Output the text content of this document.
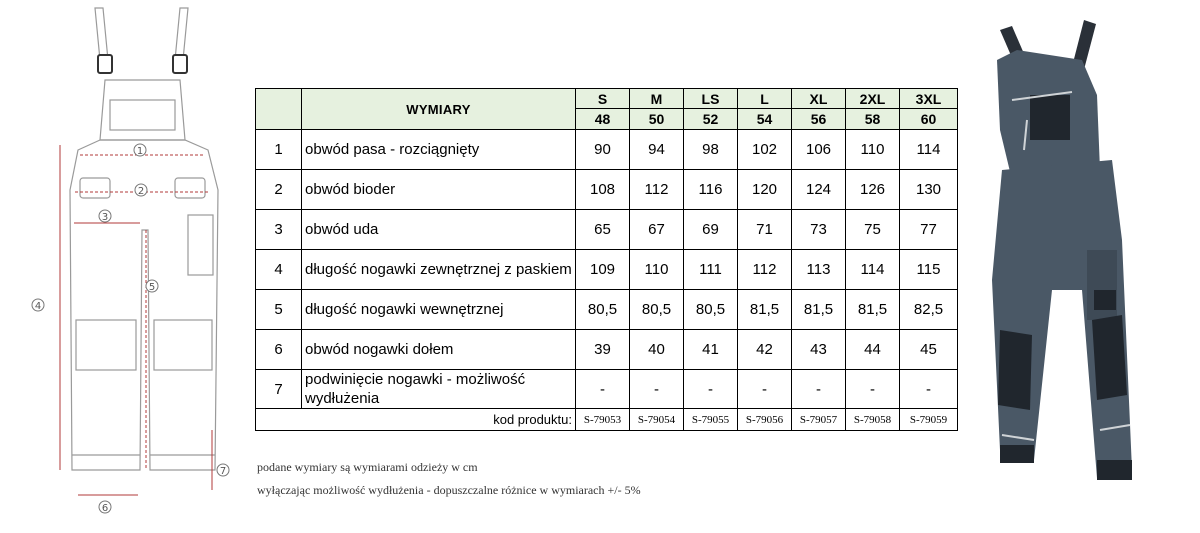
1
2
3
4
5
6
7
	WYMIARY	S	M	LS	L	XL	2XL	3XL
		48	50	52	54	56	58	60
1	obwód pasa - rozciągnięty	90	94	98	102	106	110	114
2	obwód bioder	108	112	116	120	124	126	130
3	obwód uda	65	67	69	71	73	75	77
4	długość nogawki zewnętrznej z paskiem	109	110	111	112	113	114	115
5	długość nogawki wewnętrznej	80,5	80,5	80,5	81,5	81,5	81,5	82,5
6	obwód nogawki dołem	39	40	41	42	43	44	45
7	podwinięcie nogawki - możliwość wydłużenia	-	-	-	-	-	-	-
kod produktu:		S-79053	S-79054	S-79055	S-79056	S-79057	S-79058	S-79059
podane wymiary są wymiarami odzieży w cm
wyłączając możliwość wydłużenia - dopuszczalne różnice w wymiarach +/- 5%
